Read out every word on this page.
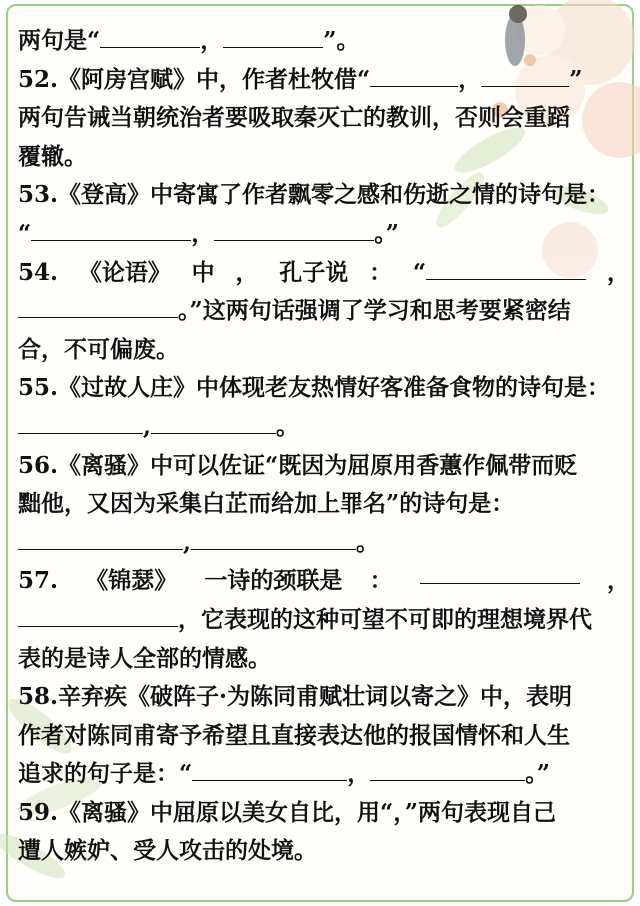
两句是“	，	”。
52.《阿房宫赋》中，作者杜牧借“	，	”
两句告诫当朝统治者要吸取秦灭亡的教训，否则会重蹈
覆辙。
53.《登高》中寄寓了作者飘零之感和伤逝之情的诗句是：
“	，	。”
54. 《论语》 中 ， 孔子说 ： “	，
。”这两句话强调了学习和思考要紧密结
合，不可偏废。
55.《过故人庄》中体现老友热情好客准备食物的诗句是：
,	。
56.《离骚》中可以佐证“既因为屈原用香蕙作佩带而贬
黜他，又因为采集白芷而给加上罪名”的诗句是：
,	。
57. 《锦瑟》 一诗的颈联是 ：	，
，它表现的这种可望不可即的理想境界代
表的是诗人全部的情感。
58.辛弃疾《破阵子·为陈同甫赋壮词以寄之》中，表明
作者对陈同甫寄予希望且直接表达他的报国情怀和人生
追求的句子是：“	，	。”
59.《离骚》中屈原以美女自比，用“，”两句表现自己
遭人嫉妒、受人攻击的处境。
